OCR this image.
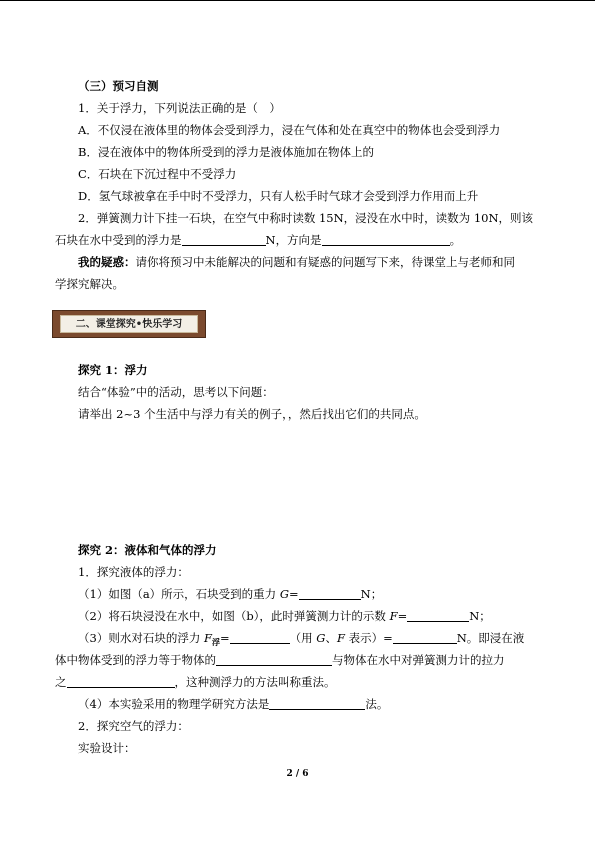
（三）预习自测
1．关于浮力，下列说法正确的是（　）
A．不仅浸在液体里的物体会受到浮力，浸在气体和处在真空中的物体也会受到浮力
B．浸在液体中的物体所受到的浮力是液体施加在物体上的
C．石块在下沉过程中不受浮力
D．氢气球被拿在手中时不受浮力，只有人松手时气球才会受到浮力作用而上升
2．弹簧测力计下挂一石块，在空气中称时读数 15N，浸没在水中时，读数为 10N，则该
石块在水中受到的浮力是	N，方向是	。
我的疑惑：请你将预习中未能解决的问题和有疑惑的问题写下来，待课堂上与老师和同
学探究解决。
二、课堂探究•快乐学习
探究 1：浮力
结合“体验”中的活动，思考以下问题：
请举出 2~3 个生活中与浮力有关的例子，，然后找出它们的共同点。
探究 2：液体和气体的浮力
1．探究液体的浮力：
（1）如图（a）所示，石块受到的重力 G=	N；
（2）将石块浸没在水中，如图（b），此时弹簧测力计的示数 F=	N；
（3）则水对石块的浮力 $F_浮=$	（用 G、F 表示）=	N。即浸在液
体中物体受到的浮力等于物体的	与物体在水中对弹簧测力计的拉力
之	，这种测浮力的方法叫称重法。
（4）本实验采用的物理学研究方法是	法。
2．探究空气的浮力：
实验设计：
2 / 6
